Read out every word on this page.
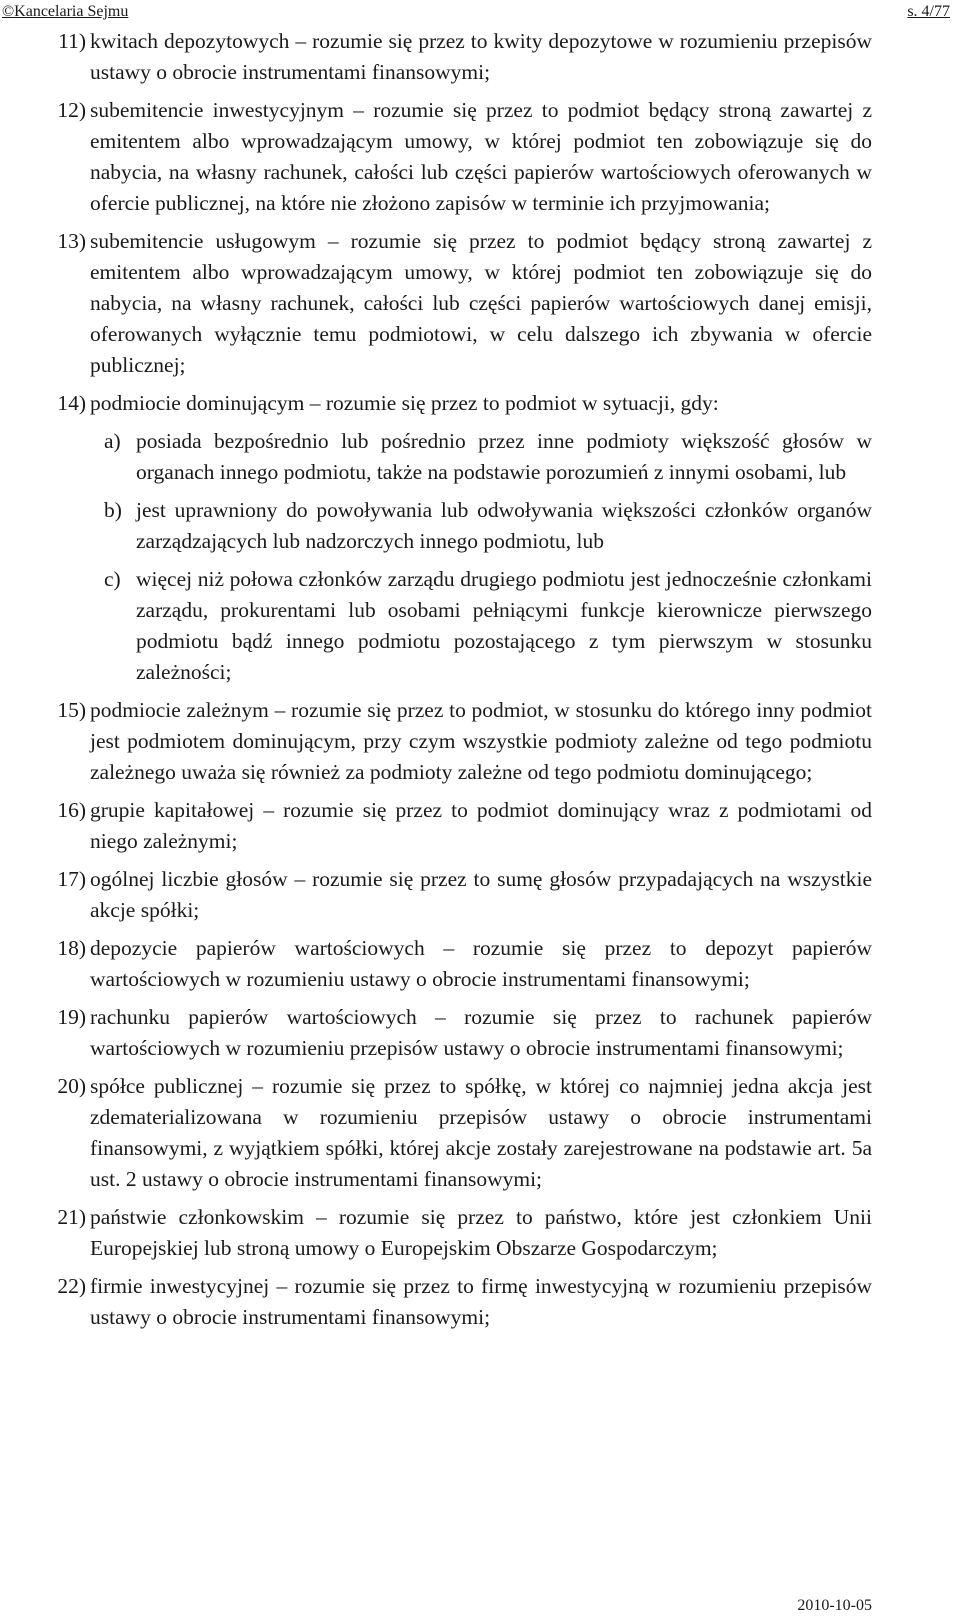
©Kancelaria Sejmu	s. 4/77
11) kwitach depozytowych – rozumie się przez to kwity depozytowe w rozumieniu przepisów ustawy o obrocie instrumentami finansowymi;
12) subemitencie inwestycyjnym – rozumie się przez to podmiot będący stroną zawartej z emitentem albo wprowadzającym umowy, w której podmiot ten zobowiązuje się do nabycia, na własny rachunek, całości lub części papierów wartościowych oferowanych w ofercie publicznej, na które nie złożono zapisów w terminie ich przyjmowania;
13) subemitencie usługowym – rozumie się przez to podmiot będący stroną zawartej z emitentem albo wprowadzającym umowy, w której podmiot ten zobowiązuje się do nabycia, na własny rachunek, całości lub części papierów wartościowych danej emisji, oferowanych wyłącznie temu podmiotowi, w celu dalszego ich zbywania w ofercie publicznej;
14) podmiocie dominującym – rozumie się przez to podmiot w sytuacji, gdy:
a) posiada bezpośrednio lub pośrednio przez inne podmioty większość głosów w organach innego podmiotu, także na podstawie porozumień z innymi osobami, lub
b) jest uprawniony do powoływania lub odwoływania większości członków organów zarządzających lub nadzorczych innego podmiotu, lub
c) więcej niż połowa członków zarządu drugiego podmiotu jest jednocześnie członkami zarządu, prokurentami lub osobami pełniącymi funkcje kierownicze pierwszego podmiotu bądź innego podmiotu pozostającego z tym pierwszym w stosunku zależności;
15) podmiocie zależnym – rozumie się przez to podmiot, w stosunku do którego inny podmiot jest podmiotem dominującym, przy czym wszystkie podmioty zależne od tego podmiotu zależnego uważa się również za podmioty zależne od tego podmiotu dominującego;
16) grupie kapitałowej – rozumie się przez to podmiot dominujący wraz z podmiotami od niego zależnymi;
17) ogólnej liczbie głosów – rozumie się przez to sumę głosów przypadających na wszystkie akcje spółki;
18) depozycie papierów wartościowych – rozumie się przez to depozyt papierów wartościowych w rozumieniu ustawy o obrocie instrumentami finansowymi;
19) rachunku papierów wartościowych – rozumie się przez to rachunek papierów wartościowych w rozumieniu przepisów ustawy o obrocie instrumentami finansowymi;
20) spółce publicznej – rozumie się przez to spółkę, w której co najmniej jedna akcja jest zdematerializowana w rozumieniu przepisów ustawy o obrocie instrumentami finansowymi, z wyjątkiem spółki, której akcje zostały zarejestrowane na podstawie art. 5a ust. 2 ustawy o obrocie instrumentami finansowymi;
21) państwie członkowskim – rozumie się przez to państwo, które jest członkiem Unii Europejskiej lub stroną umowy o Europejskim Obszarze Gospodarczym;
22) firmie inwestycyjnej – rozumie się przez to firmę inwestycyjną w rozumieniu przepisów ustawy o obrocie instrumentami finansowymi;
2010-10-05
